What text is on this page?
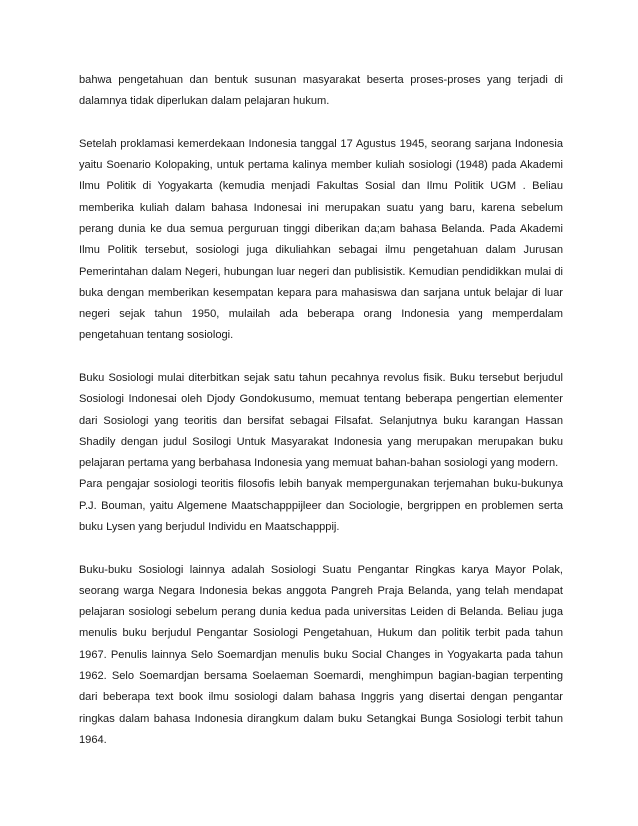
bahwa pengetahuan dan bentuk susunan masyarakat beserta proses-proses yang terjadi di dalamnya tidak diperlukan dalam pelajaran hukum.

Setelah proklamasi kemerdekaan Indonesia tanggal 17 Agustus 1945, seorang sarjana Indonesia yaitu Soenario Kolopaking, untuk pertama kalinya member kuliah sosiologi (1948) pada Akademi Ilmu Politik di Yogyakarta (kemudia menjadi Fakultas Sosial dan Ilmu Politik UGM . Beliau memberika kuliah dalam bahasa Indonesai ini merupakan suatu yang baru, karena sebelum perang dunia ke dua semua perguruan tinggi diberikan da;am bahasa Belanda. Pada Akademi Ilmu Politik tersebut, sosiologi juga dikuliahkan sebagai ilmu pengetahuan dalam Jurusan Pemerintahan dalam Negeri, hubungan luar negeri dan publisistik. Kemudian pendidikkan mulai di buka dengan memberikan kesempatan kepara para mahasiswa dan sarjana untuk belajar di luar negeri sejak tahun 1950, mulailah ada beberapa orang Indonesia yang memperdalam pengetahuan tentang sosiologi.

Buku Sosiologi mulai diterbitkan sejak satu tahun pecahnya revolus fisik. Buku tersebut berjudul Sosiologi Indonesai oleh Djody Gondokusumo, memuat tentang beberapa pengertian elementer dari Sosiologi yang teoritis dan bersifat sebagai Filsafat. Selanjutnya buku karangan Hassan Shadily dengan judul Sosilogi Untuk Masyarakat Indonesia yang merupakan merupakan buku pelajaran pertama yang berbahasa Indonesia yang memuat bahan-bahan sosiologi yang modern.

Para pengajar sosiologi teoritis filosofis lebih banyak mempergunakan terjemahan buku-bukunya P.J. Bouman, yaitu Algemene Maatschapppijleer dan Sociologie, bergrippen en problemen serta buku Lysen yang berjudul Individu en Maatschapppij.

Buku-buku Sosiologi lainnya adalah Sosiologi Suatu Pengantar Ringkas karya Mayor Polak, seorang warga Negara Indonesia bekas anggota Pangreh Praja Belanda, yang telah mendapat pelajaran sosiologi sebelum perang dunia kedua pada universitas Leiden di Belanda. Beliau juga menulis buku berjudul Pengantar Sosiologi Pengetahuan, Hukum dan politik terbit pada tahun 1967. Penulis lainnya Selo Soemardjan menulis buku Social Changes in Yogyakarta pada tahun 1962. Selo Soemardjan bersama Soelaeman Soemardi, menghimpun bagian-bagian terpenting dari beberapa text book ilmu sosiologi dalam bahasa Inggris yang disertai dengan pengantar ringkas dalam bahasa Indonesia dirangkum dalam buku Setangkai Bunga Sosiologi terbit tahun 1964.
